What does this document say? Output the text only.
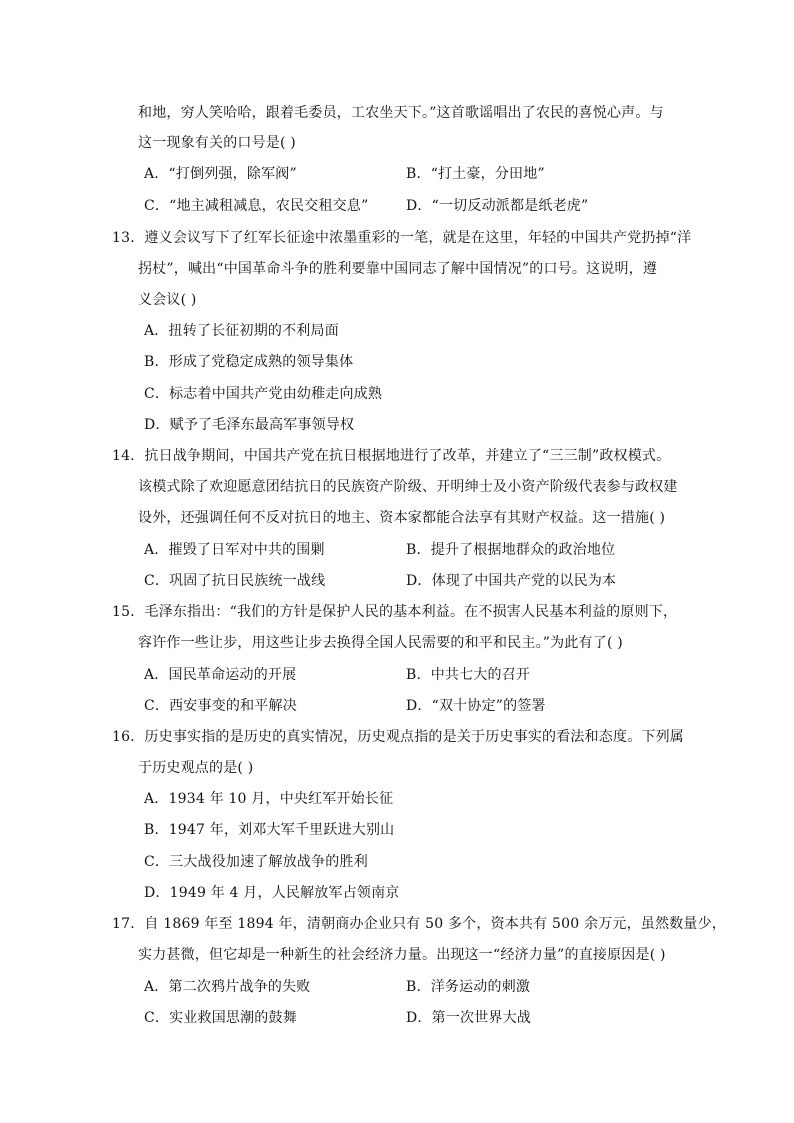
和地，穷人笑哈哈，跟着毛委员，工农坐天下。”这首歌谣唱出了农民的喜悦心声。与
这一现象有关的口号是( )
A．“打倒列强，除军阀”	B．“打土豪，分田地”
C．“地主减租减息，农民交租交息”	D．“一切反动派都是纸老虎”
13．遵义会议写下了红军长征途中浓墨重彩的一笔，就是在这里，年轻的中国共产党扔掉“洋
拐杖”，喊出“中国革命斗争的胜利要靠中国同志了解中国情况”的口号。这说明，遵
义会议( )
A．扭转了长征初期的不利局面
B．形成了党稳定成熟的领导集体
C．标志着中国共产党由幼稚走向成熟
D．赋予了毛泽东最高军事领导权
14．抗日战争期间，中国共产党在抗日根据地进行了改革，并建立了“三三制”政权模式。
该模式除了欢迎愿意团结抗日的民族资产阶级、开明绅士及小资产阶级代表参与政权建
设外，还强调任何不反对抗日的地主、资本家都能合法享有其财产权益。这一措施( )
A．摧毁了日军对中共的围剿	B．提升了根据地群众的政治地位
C．巩固了抗日民族统一战线	D．体现了中国共产党的以民为本
15．毛泽东指出：“我们的方针是保护人民的基本利益。在不损害人民基本利益的原则下，
容许作一些让步，用这些让步去换得全国人民需要的和平和民主。”为此有了( )
A．国民革命运动的开展	B．中共七大的召开
C．西安事变的和平解决	D．“双十协定”的签署
16．历史事实指的是历史的真实情况，历史观点指的是关于历史事实的看法和态度。下列属
于历史观点的是( )
A．1934 年 10 月，中央红军开始长征
B．1947 年，刘邓大军千里跃进大别山
C．三大战役加速了解放战争的胜利
D．1949 年 4 月，人民解放军占领南京
17．自 1869 年至 1894 年，清朝商办企业只有 50 多个，资本共有 500 余万元，虽然数量少，
实力甚微，但它却是一种新生的社会经济力量。出现这一“经济力量”的直接原因是( )
A．第二次鸦片战争的失败	B．洋务运动的刺激
C．实业救国思潮的鼓舞	D．第一次世界大战
